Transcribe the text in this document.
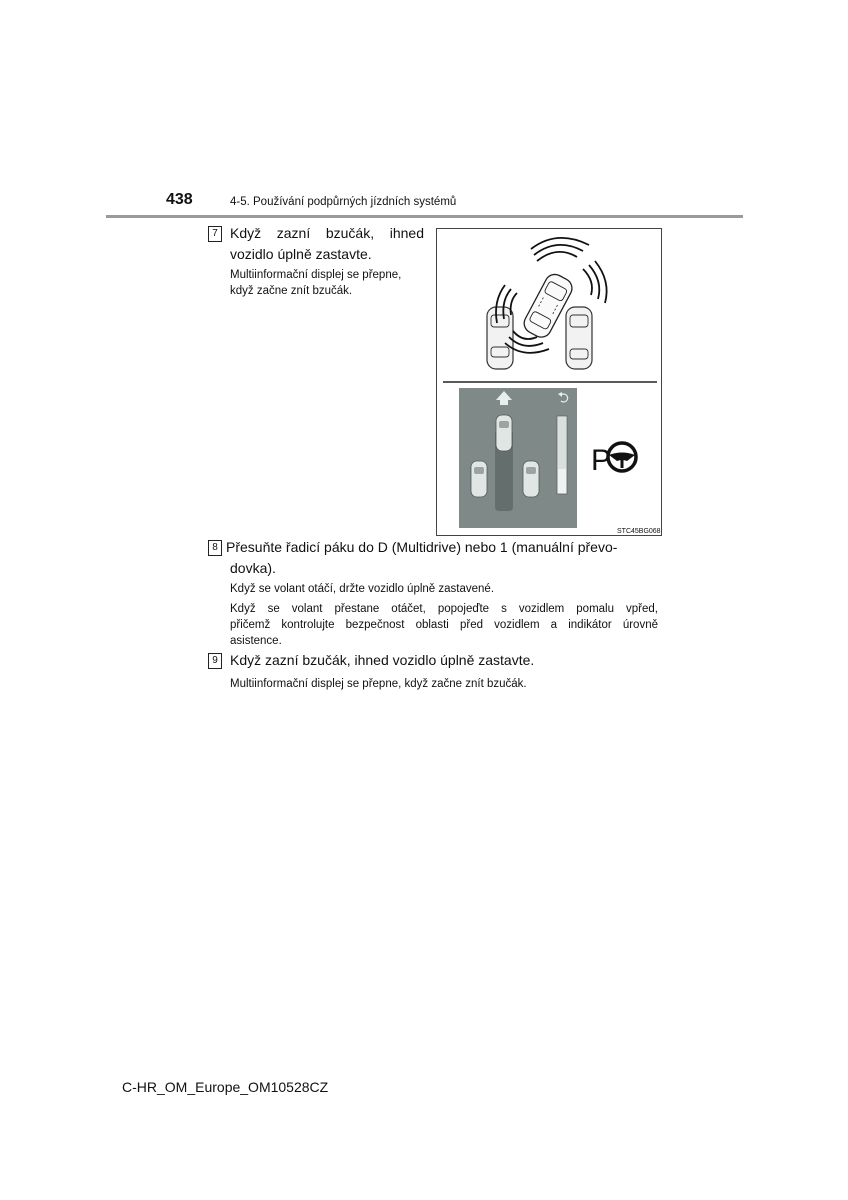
438	4-5. Používání podpůrných jízdních systémů
7 Když zazní bzučák, ihned
vozidlo úplně zastavte.
Multiinformační displej se přepne,
když začne znít bzučák.
P
STC45BG068
8 Přesuňte řadicí páku do D (Multidrive) nebo 1 (manuální převo-
dovka).
Když se volant otáčí, držte vozidlo úplně zastavené.
Když se volant přestane otáčet, popojeďte s vozidlem pomalu vpřed,
přičemž kontrolujte bezpečnost oblasti před vozidlem a indikátor úrovně
asistence.
9 Když zazní bzučák, ihned vozidlo úplně zastavte.
Multiinformační displej se přepne, když začne znít bzučák.
C-HR_OM_Europe_OM10528CZ
